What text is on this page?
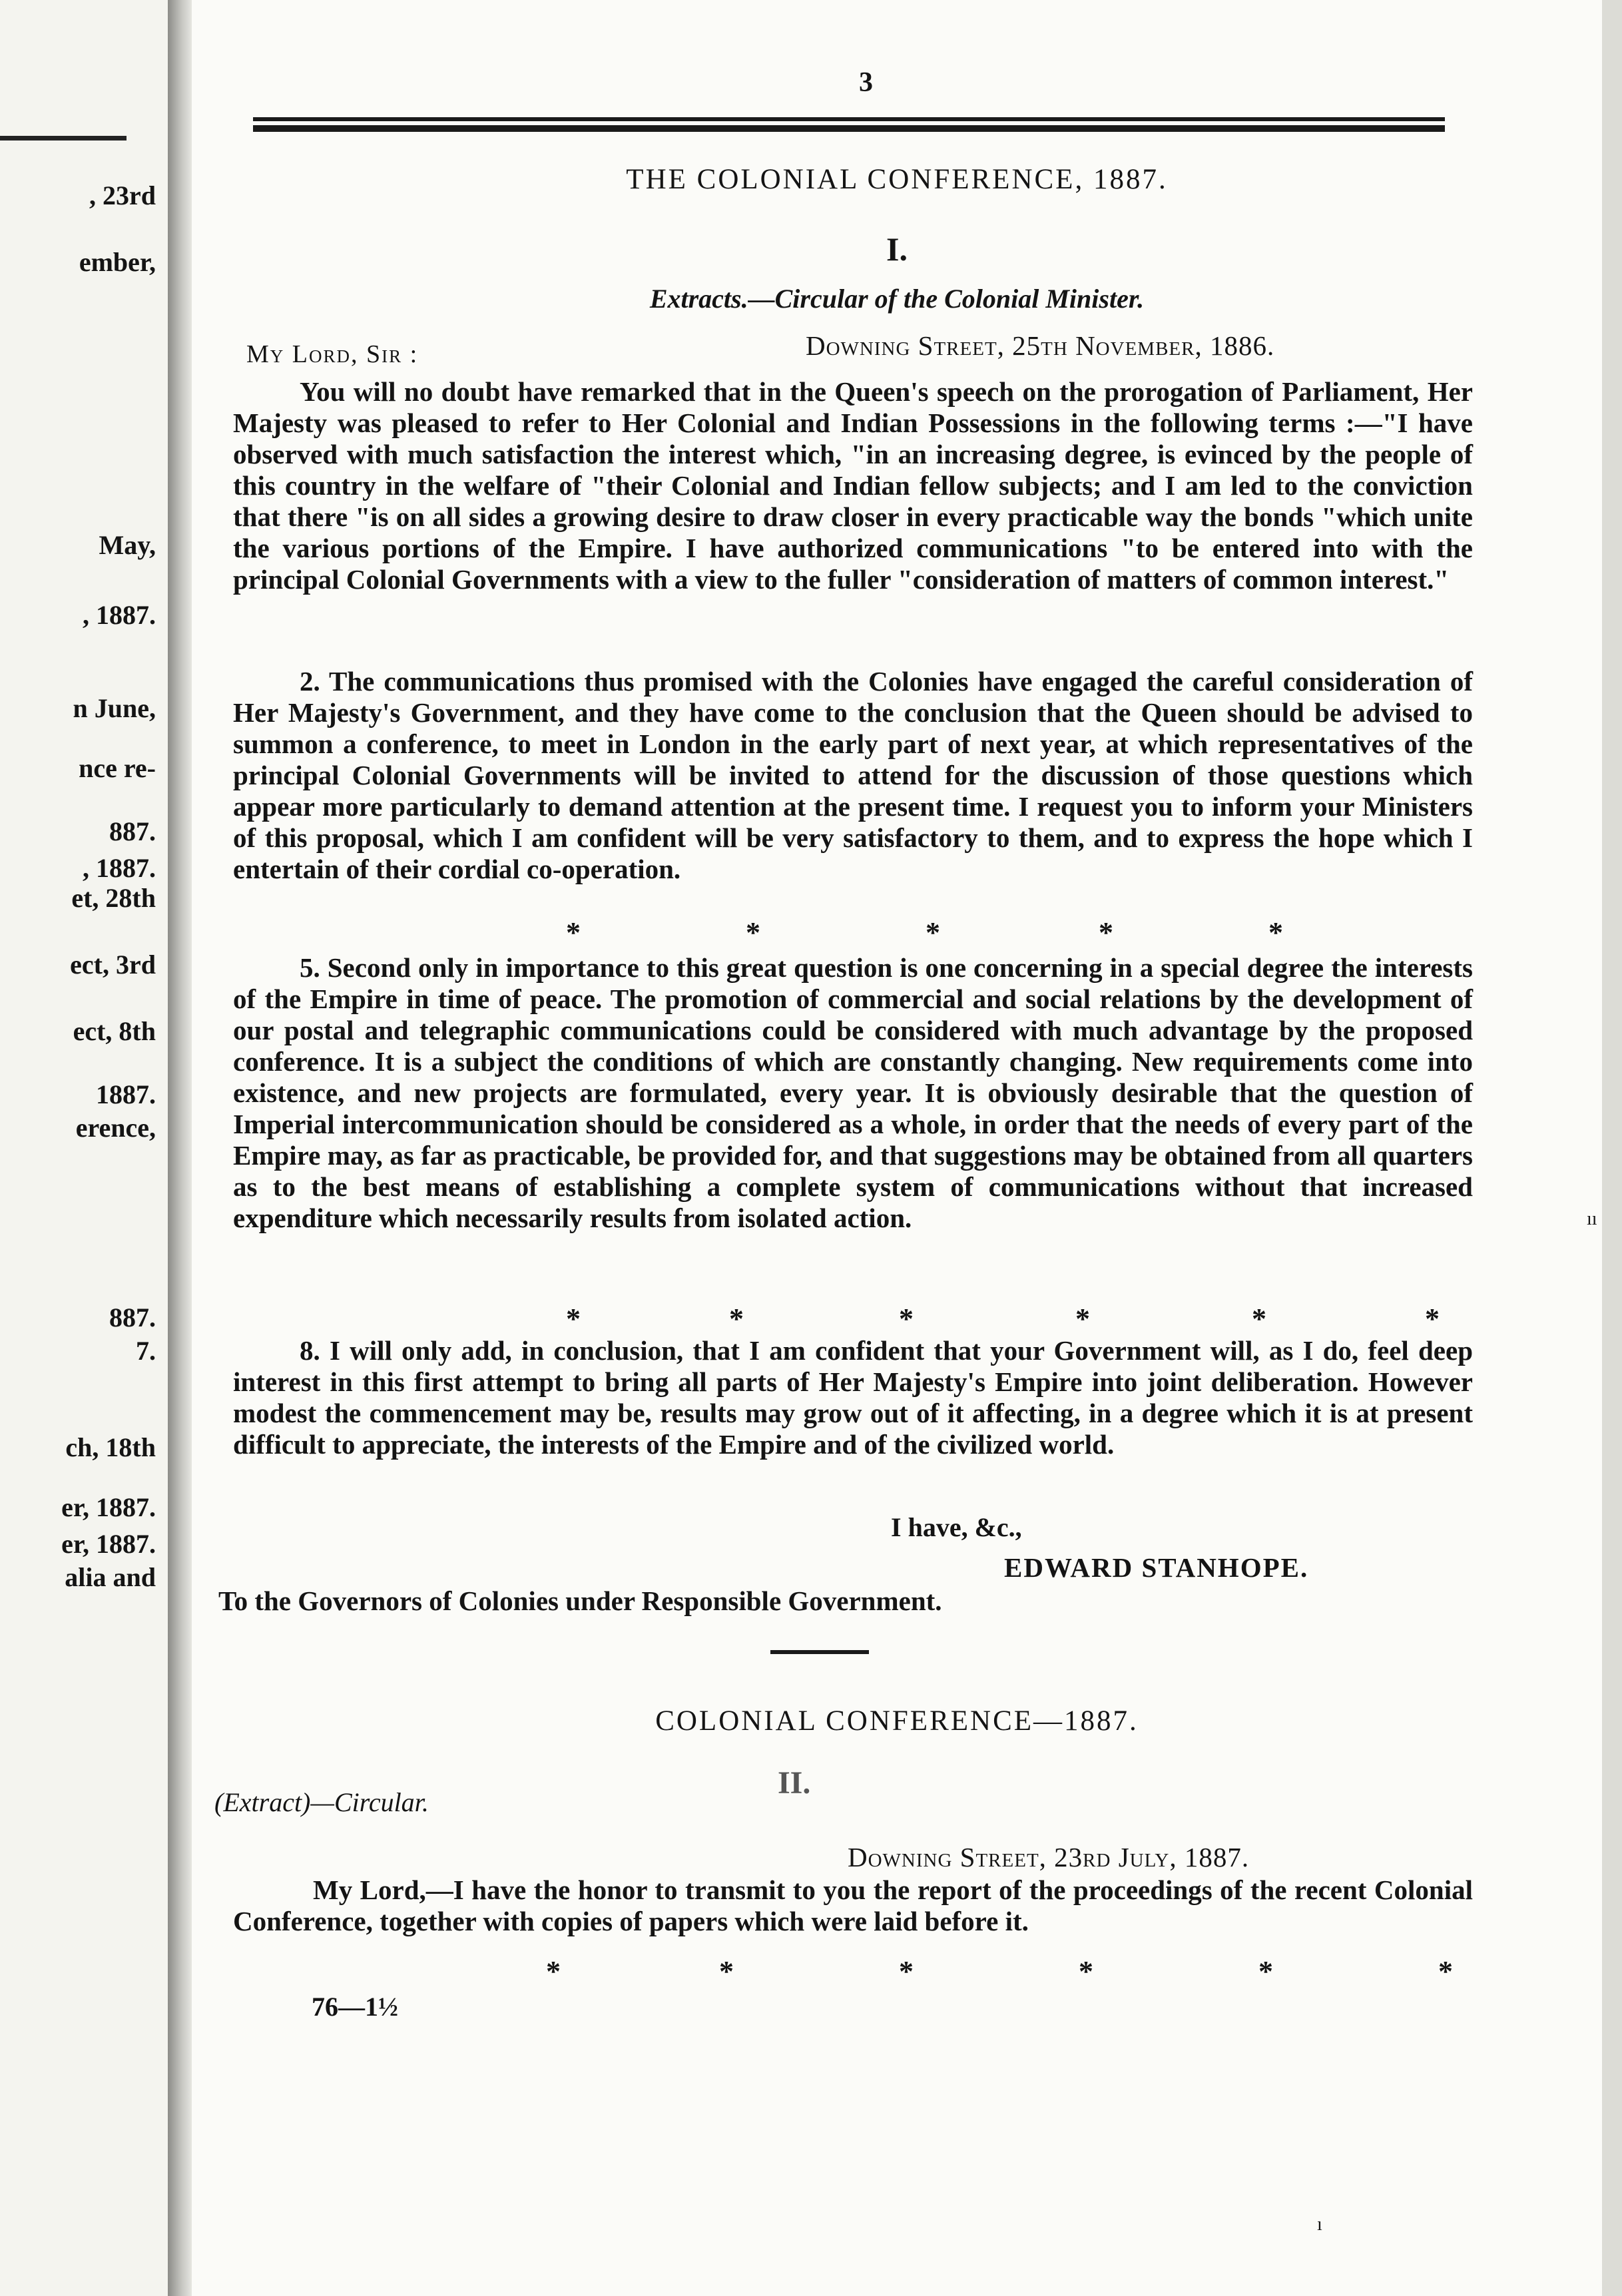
, 23rd
ember,
May,
, 1887.
n June,
nce re-
887.
, 1887.
et, 28th
ect, 3rd
ect, 8th
1887.
erence,
887.
7.
ch, 18th
er, 1887.
er, 1887.
alia and
3
THE COLONIAL CONFERENCE, 1887.
I.
Extracts.—Circular of the Colonial Minister.
My Lord, Sir :	Downing Street, 25th November, 1886.
You will no doubt have remarked that in the Queen's speech on the prorogation of Parliament, Her Majesty was pleased to refer to Her Colonial and Indian Possessions in the following terms :—"I have observed with much satisfaction the interest which, "in an increasing degree, is evinced by the people of this country in the welfare of "their Colonial and Indian fellow subjects; and I am led to the conviction that there "is on all sides a growing desire to draw closer in every practicable way the bonds "which unite the various portions of the Empire. I have authorized communications "to be entered into with the principal Colonial Governments with a view to the fuller "consideration of matters of common interest."
2. The communications thus promised with the Colonies have engaged the careful consideration of Her Majesty's Government, and they have come to the conclusion that the Queen should be advised to summon a conference, to meet in London in the early part of next year, at which representatives of the principal Colonial Governments will be invited to attend for the discussion of those questions which appear more particularly to demand attention at the present time. I request you to inform your Ministers of this proposal, which I am confident will be very satisfactory to them, and to express the hope which I entertain of their cordial co-operation.
*	*	*	*	*
5. Second only in importance to this great question is one concerning in a special degree the interests of the Empire in time of peace. The promotion of commercial and social relations by the development of our postal and telegraphic communications could be considered with much advantage by the proposed conference. It is a subject the conditions of which are constantly changing. New requirements come into existence, and new projects are formulated, every year. It is obviously desirable that the question of Imperial intercommunication should be considered as a whole, in order that the needs of every part of the Empire may, as far as practicable, be provided for, and that suggestions may be obtained from all quarters as to the best means of establishing a complete system of communications without that increased expenditure which necessarily results from isolated action.
*	*	*	*	*	*
8. I will only add, in conclusion, that I am confident that your Government will, as I do, feel deep interest in this first attempt to bring all parts of Her Majesty's Empire into joint deliberation. However modest the commencement may be, results may grow out of it affecting, in a degree which it is at present difficult to appreciate, the interests of the Empire and of the civilized world.
I have, &c.,
EDWARD STANHOPE.
To the Governors of Colonies under Responsible Government.
COLONIAL CONFERENCE—1887.
II.
(Extract)—Circular.
Downing Street, 23rd July, 1887.
My Lord,—I have the honor to transmit to you the report of the proceedings of the recent Colonial Conference, together with copies of papers which were laid before it.
*	*	*	*	*	*
76—1½
ıı
ı
